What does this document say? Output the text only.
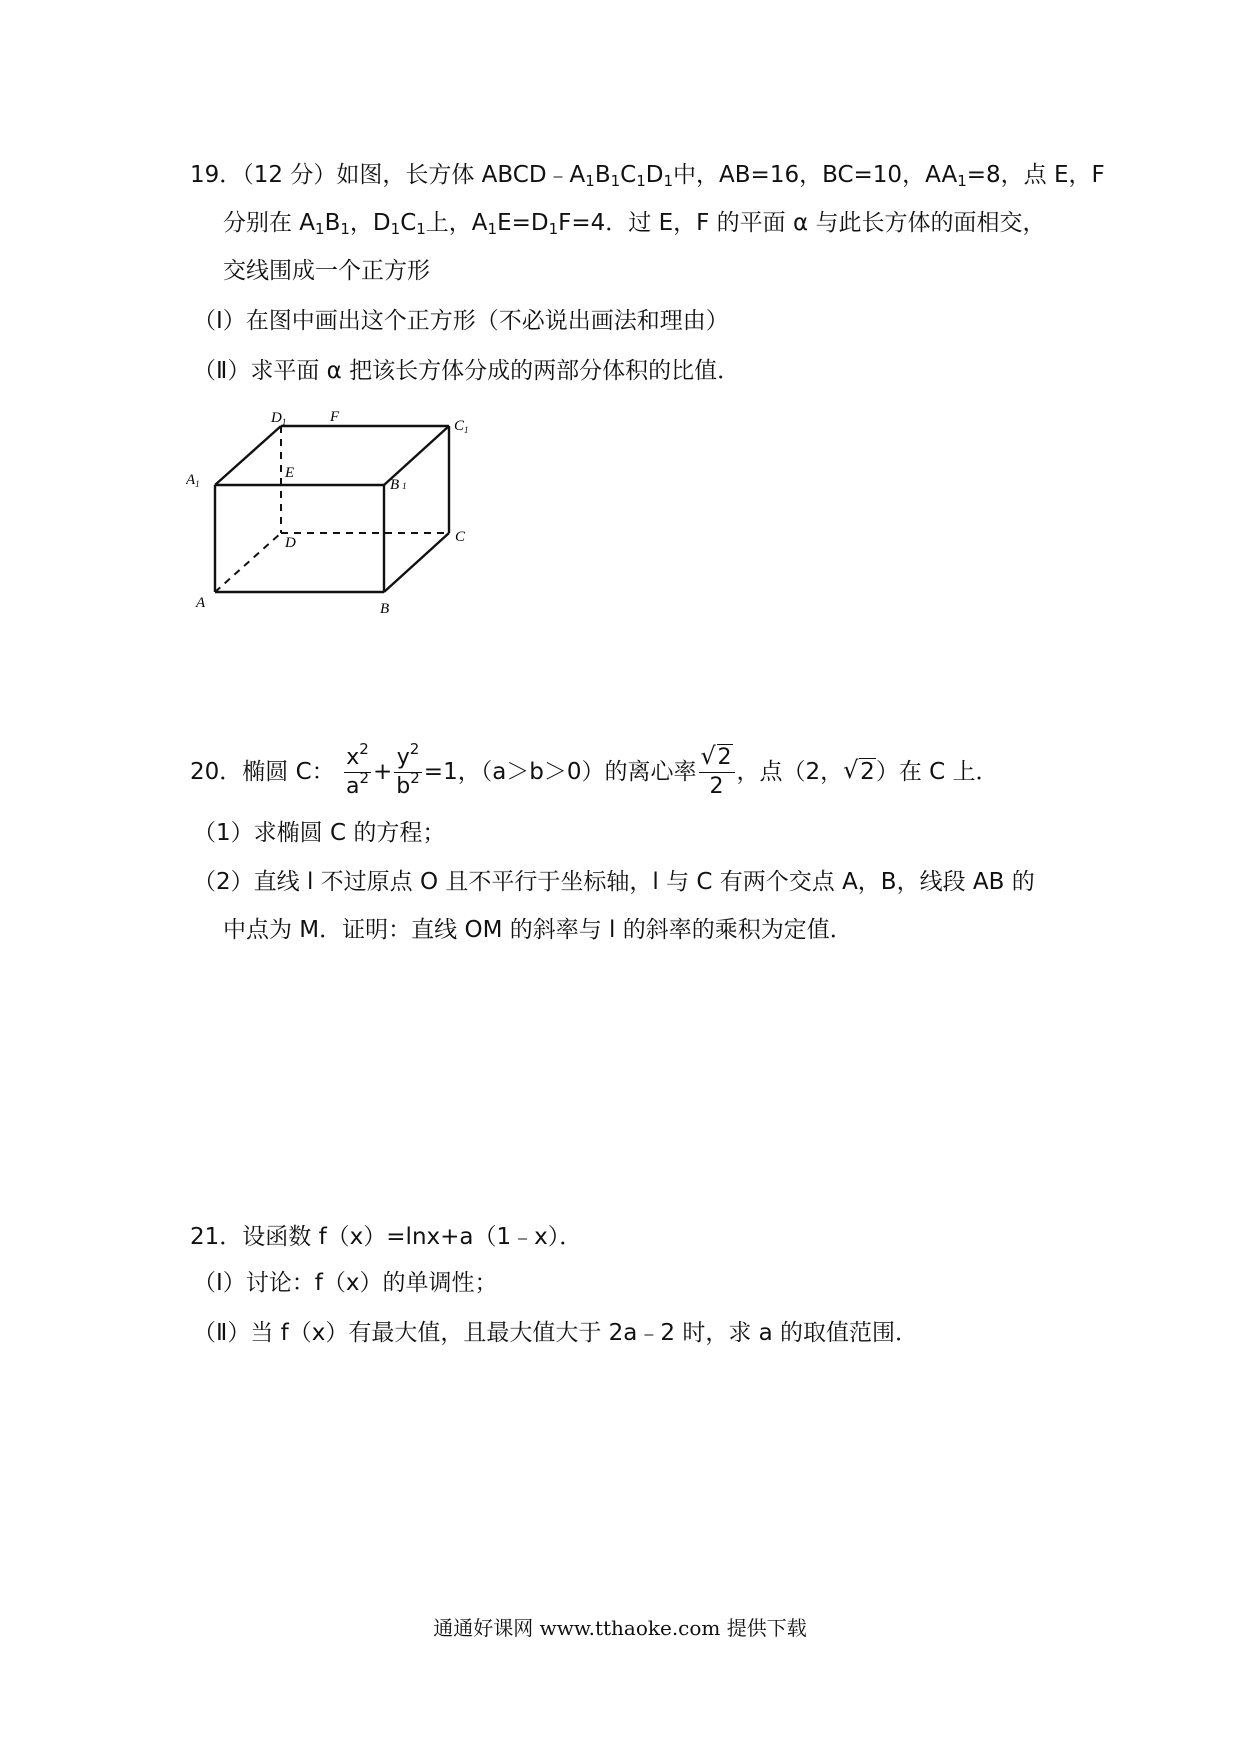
19．（12 分）如图，长方体 $ABCD﹣A_1B_1C_1D_1$中，AB=16，BC=10，$AA_1=8$，点 E，F
分别在 $A_1B_1$，$D_1C_1$上，$A_1E=D_1F=4$．过 E，F 的平面 α 与此长方体的面相交，
交线围成一个正方形
（Ⅰ）在图中画出这个正方形（不必说出画法和理由）
（Ⅱ）求平面 α 把该长方体分成的两部分体积的比值．
$D_1$	F
$C_1$
$A_1$
E
B 1
D	C
A	B
20．椭圆 C： $\frac{x^2}{a^2} + \frac{y^2}{b^2} =1$，（a＞b＞0）的离心率 $\frac{√ 2}{2}$ ，点（2， √ 2）在 C 上．
（1）求椭圆 C 的方程；
（2）直线 l 不过原点 O 且不平行于坐标轴，l 与 C 有两个交点 A，B，线段 AB 的
中点为 M．证明：直线 OM 的斜率与 l 的斜率的乘积为定值．
21．设函数 f（x）=lnx+a（1﹣x）．
（Ⅰ）讨论：f（x）的单调性；
（Ⅱ）当 f（x）有最大值，且最大值大于 2a﹣2 时，求 a 的取值范围．
通通好课网 www.tthaoke.com 提供下载
